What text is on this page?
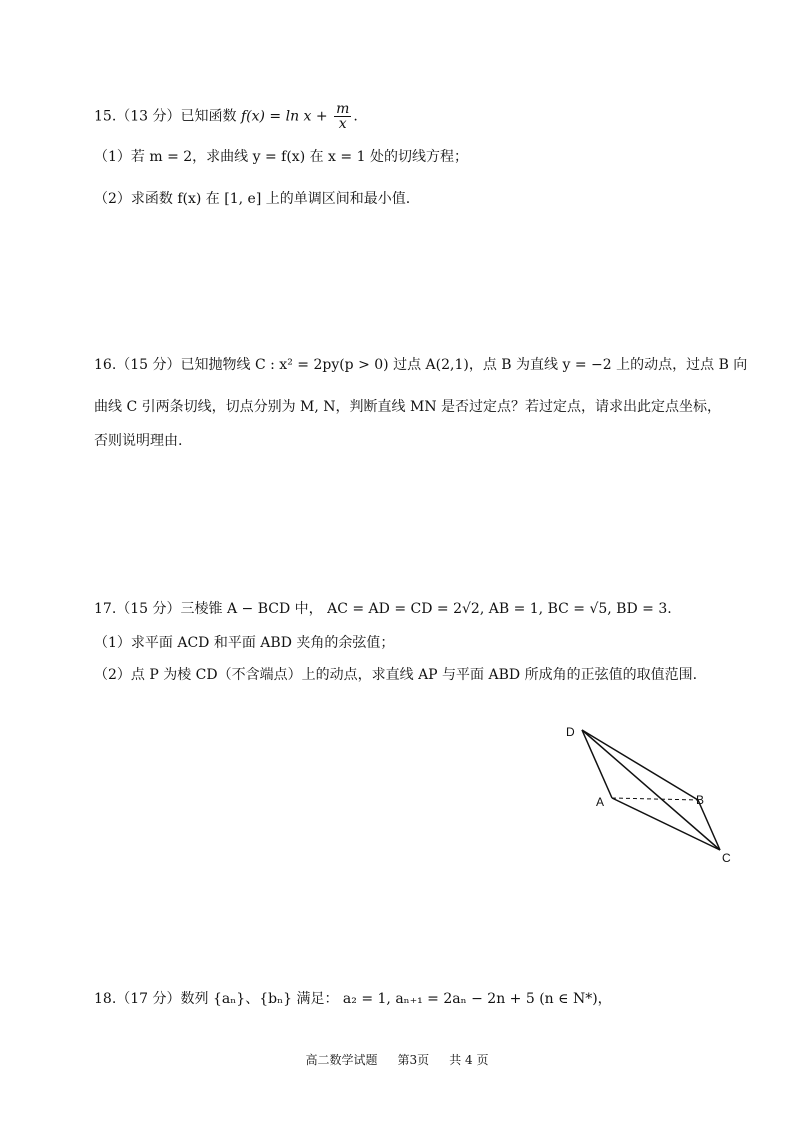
15.（13 分）已知函数 $f(x) = \ln x + \frac{m}{x}$ .
（1）若 m = 2，求曲线 y = f(x) 在 x = 1 处的切线方程；
（2）求函数 f(x) 在 [1, e] 上的单调区间和最小值.
16.（15 分）已知抛物线 C : x² = 2py(p > 0) 过点 A(2,1)，点 B 为直线 y = −2 上的动点，过点 B 向
曲线 C 引两条切线，切点分别为 M, N，判断直线 MN 是否过定点？若过定点，请求出此定点坐标，
否则说明理由.
17.（15 分）三棱锥 A − BCD 中， AC = AD = CD = 2√2, AB = 1, BC = √5, BD = 3.
（1）求平面 ACD 和平面 ABD 夹角的余弦值；
（2）点 P 为棱 CD（不含端点）上的动点，求直线 AP 与平面 ABD 所成角的正弦值的取值范围.
D
A	B
C
18.（17 分）数列 {aₙ}、{bₙ} 满足： a₂ = 1, aₙ₊₁ = 2aₙ − 2n + 5 (n ∈ N*)，
高二数学试题 第3页 共 4 页
